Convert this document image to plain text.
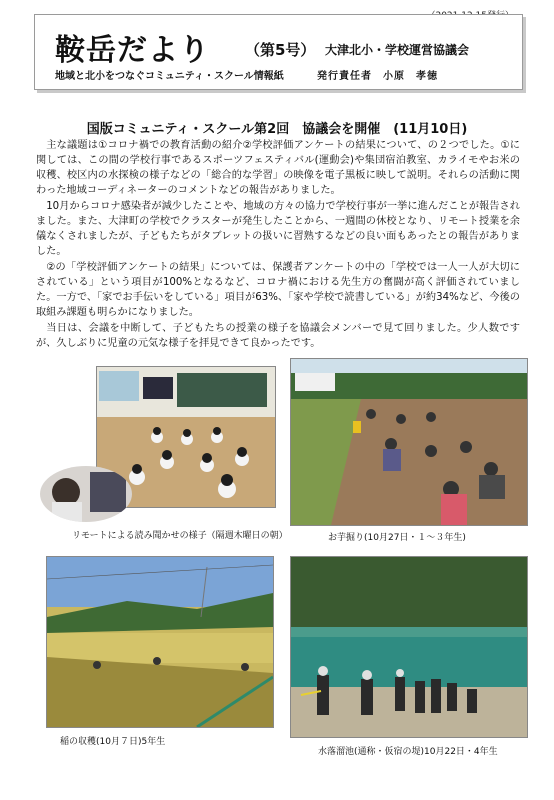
鞍岳だより （第5号） 大津北小・学校運営協議会
地域と北小をつなぐコミュニティ・スクール情報紙	発行責任者　小原　孝徳
国版コミュニティ・スクール第2回　協議会を開催　(11月10日)

主な議題は①コロナ禍での教育活動の紹介②学校評価アンケートの結果について、の２つでした。①に関しては、この間の学校行事であるスポーツフェスティバル(運動会)や集団宿泊教室、カライモやお米の収穫、校区内の水探検の様子などの「総合的な学習」の映像を電子黒板に映して説明。それらの活動に関わった地域コーディネーターのコメントなどの報告がありました。

10月からコロナ感染者が減少したことや、地域の方々の協力で学校行事が一挙に進んだことが報告されました。また、大津町の学校でクラスターが発生したことから、一週間の休校となり、リモート授業を余儀なくされましたが、子どもたちがタブレットの扱いに習熟するなどの良い面もあったとの報告がありました。

②の「学校評価アンケートの結果」については、保護者アンケートの中の「学校では一人一人が大切にされている」という項目が100%となるなど、コロナ禍における先生方の奮闘が高く評価されていました。一方で、「家でお手伝いをしている」項目が63%、「家や学校で読書している」が約34%など、今後の取組み課題も明らかになりました。

当日は、会議を中断して、子どもたちの授業の様子を協議会メンバーで見て回りました。少人数ですが、久しぶりに児童の元気な様子を拝見できて良かったです。

リモートによる読み聞かせの様子（隔週木曜日の朝）	お芋掘り(10月27日・１～３年生)
稲の収穫(10月７日)5年生
水落溜池(通称・仮宿の堤)10月22日・4年生
